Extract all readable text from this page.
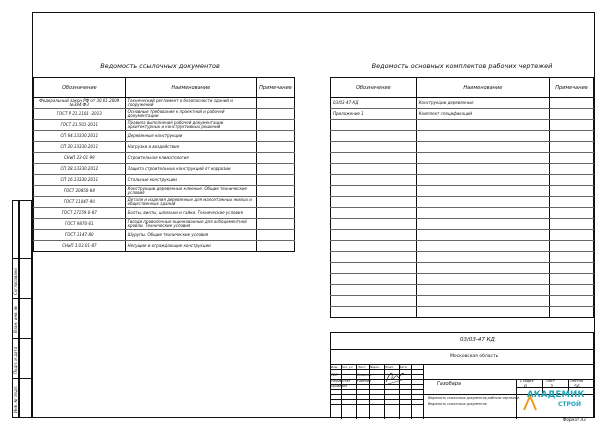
Ведомость ссылочных документов	Ведомость основных комплектов рабочих чертежей
Обозначение	Наименование	Примечание
Федеральный закон РФ от 30.01.2009 №384-ФЗ	Технический регламент о безопасности зданий и сооружений	
ГОСТ Р 21.1101 -2013	Основные требования к проектной и рабочей документации	
ГОСТ 21.501-2011	Правила выполнения рабочей документации архитектурных и конструктивных решений	
СП 64.13330.2011	Деревянные конструкции	
СП 20.13330.2011	Нагрузки и воздействия	
СНиП 23-01-99	Строительная климатология	
СП 28.13330.2012	Защита строительных конструкций от коррозии	
СП 16.13330.2011	Стальные конструкции	
ГОСТ 20850-84	Конструкции деревянные клееные. Общие технические условия	
ГОСТ 11047-90	Детали и изделия деревянные для малоэтажных жилых и общественных зданий	
ГОСТ 17159.0-87	Болты, винты, шпильки и гайки. Технические условия	
ГОСТ 9870-61	Гвозди проволочные оцинкованные для асбоцементной кровли. Технические условия	
ГОСТ 1147-80	Шурупы. Общие технические условия	
СНиП 3.03.01-87	Несущие и ограждающие конструкции	
Обозначение	Наименование	Примечание
03/03-47-КД	Конструкции деревянные	
Приложение 1	Комплект спецификаций	

Согласовано
Взам. инв. №
Подп. и дата
Инв. № подл.
03/03-47 КД
Московская область
Изм. Кол. уч. Лист №док. Подп. Дата
ГИП	Семенов
Разработал Рябенин
Проверил	Газобара	Стадия	Лист	Листов
Р	3	56
Ведомость ссылочных документов рабочих чертежей.
Ведомость ссылочных документов
АКАДЕМИК
СТРОЙ
Формат А3
